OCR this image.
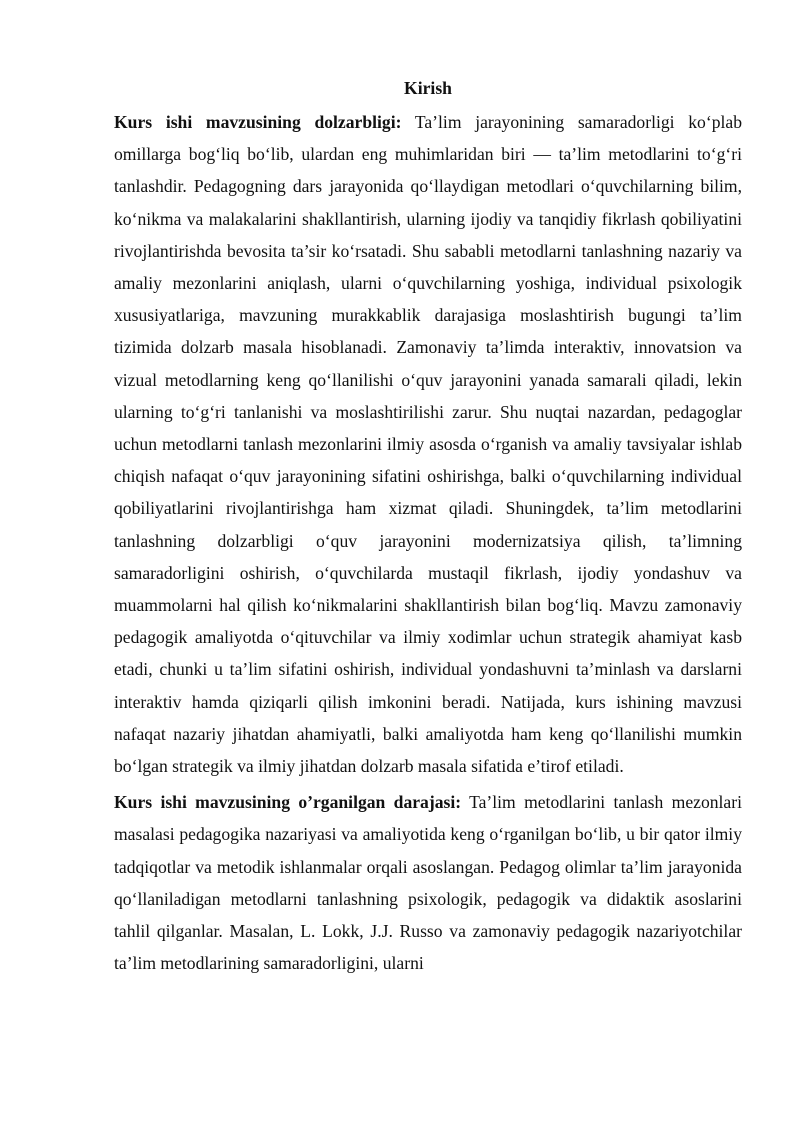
Kirish

Kurs ishi mavzusining dolzarbligi: Ta’lim jarayonining samaradorligi ko‘plab omillarga bog‘liq bo‘lib, ulardan eng muhimlaridan biri — ta’lim metodlarini to‘g‘ri tanlashdir. Pedagogning dars jarayonida qo‘llaydigan metodlari o‘quvchilarning bilim, ko‘nikma va malakalarini shakllantirish, ularning ijodiy va tanqidiy fikrlash qobiliyatini rivojlantirishda bevosita ta’sir ko‘rsatadi. Shu sababli metodlarni tanlashning nazariy va amaliy mezonlarini aniqlash, ularni o‘quvchilarning yoshiga, individual psixologik xususiyatlariga, mavzuning murakkablik darajasiga moslashtirish bugungi ta’lim tizimida dolzarb masala hisoblanadi. Zamonaviy ta’limda interaktiv, innovatsion va vizual metodlarning keng qo‘llanilishi o‘quv jarayonini yanada samarali qiladi, lekin ularning to‘g‘ri tanlanishi va moslashtirilishi zarur. Shu nuqtai nazardan, pedagoglar uchun metodlarni tanlash mezonlarini ilmiy asosda o‘rganish va amaliy tavsiyalar ishlab chiqish nafaqat o‘quv jarayonining sifatini oshirishga, balki o‘quvchilarning individual qobiliyatlarini rivojlantirishga ham xizmat qiladi. Shuningdek, ta’lim metodlarini tanlashning dolzarbligi o‘quv jarayonini modernizatsiya qilish, ta’limning samaradorligini oshirish, o‘quvchilarda mustaqil fikrlash, ijodiy yondashuv va muammolarni hal qilish ko‘nikmalarini shakllantirish bilan bog‘liq. Mavzu zamonaviy pedagogik amaliyotda o‘qituvchilar va ilmiy xodimlar uchun strategik ahamiyat kasb etadi, chunki u ta’lim sifatini oshirish, individual yondashuvni ta’minlash va darslarni interaktiv hamda qiziqarli qilish imkonini beradi. Natijada, kurs ishining mavzusi nafaqat nazariy jihatdan ahamiyatli, balki amaliyotda ham keng qo‘llanilishi mumkin bo‘lgan strategik va ilmiy jihatdan dolzarb masala sifatida e’tirof etiladi.

Kurs ishi mavzusining o’rganilgan darajasi: Ta’lim metodlarini tanlash mezonlari masalasi pedagogika nazariyasi va amaliyotida keng o‘rganilgan bo‘lib, u bir qator ilmiy tadqiqotlar va metodik ishlanmalar orqali asoslangan. Pedagog olimlar ta’lim jarayonida qo‘llaniladigan metodlarni tanlashning psixologik, pedagogik va didaktik asoslarini tahlil qilganlar. Masalan, L. Lokk, J.J. Russo va zamonaviy pedagogik nazariyotchilar ta’lim metodlarining samaradorligini, ularni
